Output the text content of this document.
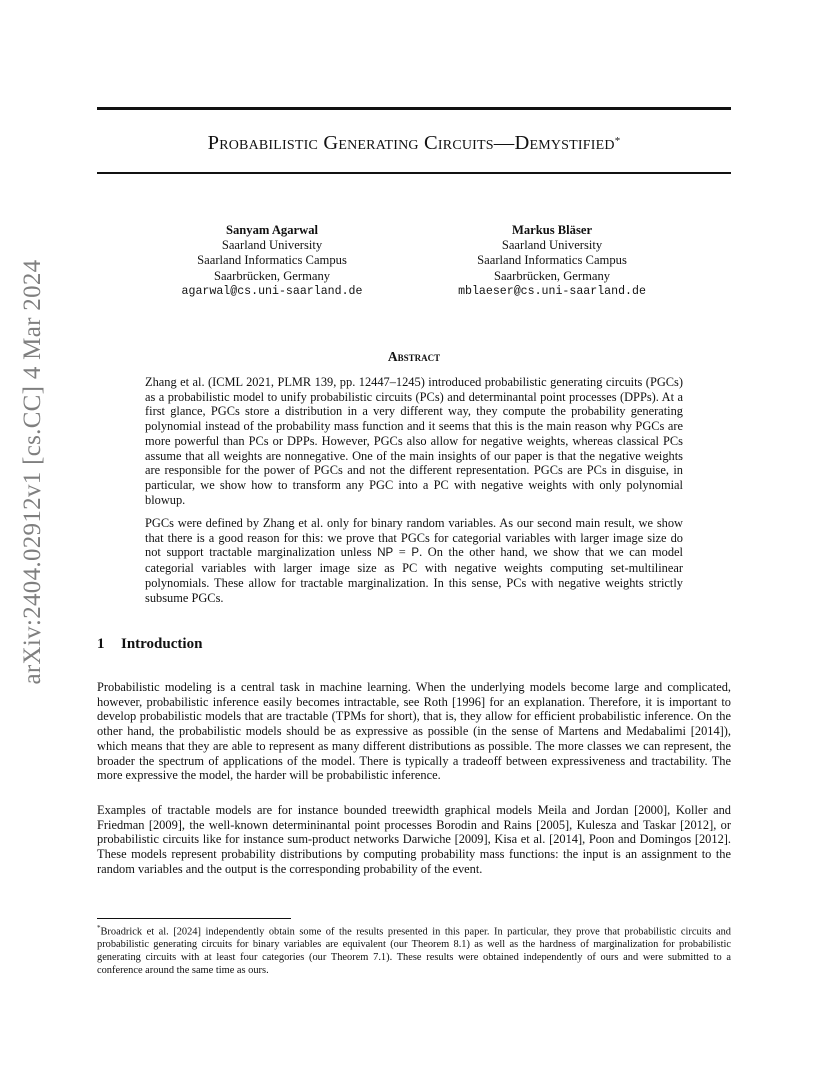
arXiv:2404.02912v1 [cs.CC] 4 Mar 2024
Probabilistic Generating Circuits—Demystified*
Sanyam Agarwal
Saarland University
Saarland Informatics Campus
Saarbrücken, Germany
agarwal@cs.uni-saarland.de
Markus Bläser
Saarland University
Saarland Informatics Campus
Saarbrücken, Germany
mblaeser@cs.uni-saarland.de
Abstract

Zhang et al. (ICML 2021, PLMR 139, pp. 12447–1245) introduced probabilistic generating circuits (PGCs) as a probabilistic model to unify probabilistic circuits (PCs) and determinantal point processes (DPPs). At a first glance, PGCs store a distribution in a very different way, they compute the probability generating polynomial instead of the probability mass function and it seems that this is the main reason why PGCs are more powerful than PCs or DPPs. However, PGCs also allow for negative weights, whereas classical PCs assume that all weights are nonnegative. One of the main insights of our paper is that the negative weights are responsible for the power of PGCs and not the different representation. PGCs are PCs in disguise, in particular, we show how to transform any PGC into a PC with negative weights with only polynomial blowup.

PGCs were defined by Zhang et al. only for binary random variables. As our second main result, we show that there is a good reason for this: we prove that PGCs for categorial variables with larger image size do not support tractable marginalization unless NP = P. On the other hand, we show that we can model categorial variables with larger image size as PC with negative weights computing set-multilinear polynomials. These allow for tractable marginalization. In this sense, PCs with negative weights strictly subsume PGCs.

1 Introduction

Probabilistic modeling is a central task in machine learning. When the underlying models become large and complicated, however, probabilistic inference easily becomes intractable, see Roth [1996] for an explanation. Therefore, it is important to develop probabilistic models that are tractable (TPMs for short), that is, they allow for efficient probabilistic inference. On the other hand, the probabilistic models should be as expressive as possible (in the sense of Martens and Medabalimi [2014]), which means that they are able to represent as many different distributions as possible. The more classes we can represent, the broader the spectrum of applications of the model. There is typically a tradeoff between expressiveness and tractability. The more expressive the model, the harder will be probabilistic inference.

Examples of tractable models are for instance bounded treewidth graphical models Meila and Jordan [2000], Koller and Friedman [2009], the well-known determininantal point processes Borodin and Rains [2005], Kulesza and Taskar [2012], or probabilistic circuits like for instance sum-product networks Darwiche [2009], Kisa et al. [2014], Poon and Domingos [2012]. These models represent probability distributions by computing probability mass functions: the input is an assignment to the random variables and the output is the corresponding probability of the event.

*Broadrick et al. [2024] independently obtain some of the results presented in this paper. In particular, they prove that probabilistic circuits and probabilistic generating circuits for binary variables are equivalent (our Theorem 8.1) as well as the hardness of marginalization for probabilistic generating circuits with at least four categories (our Theorem 7.1). These results were obtained independently of ours and were submitted to a conference around the same time as ours.
